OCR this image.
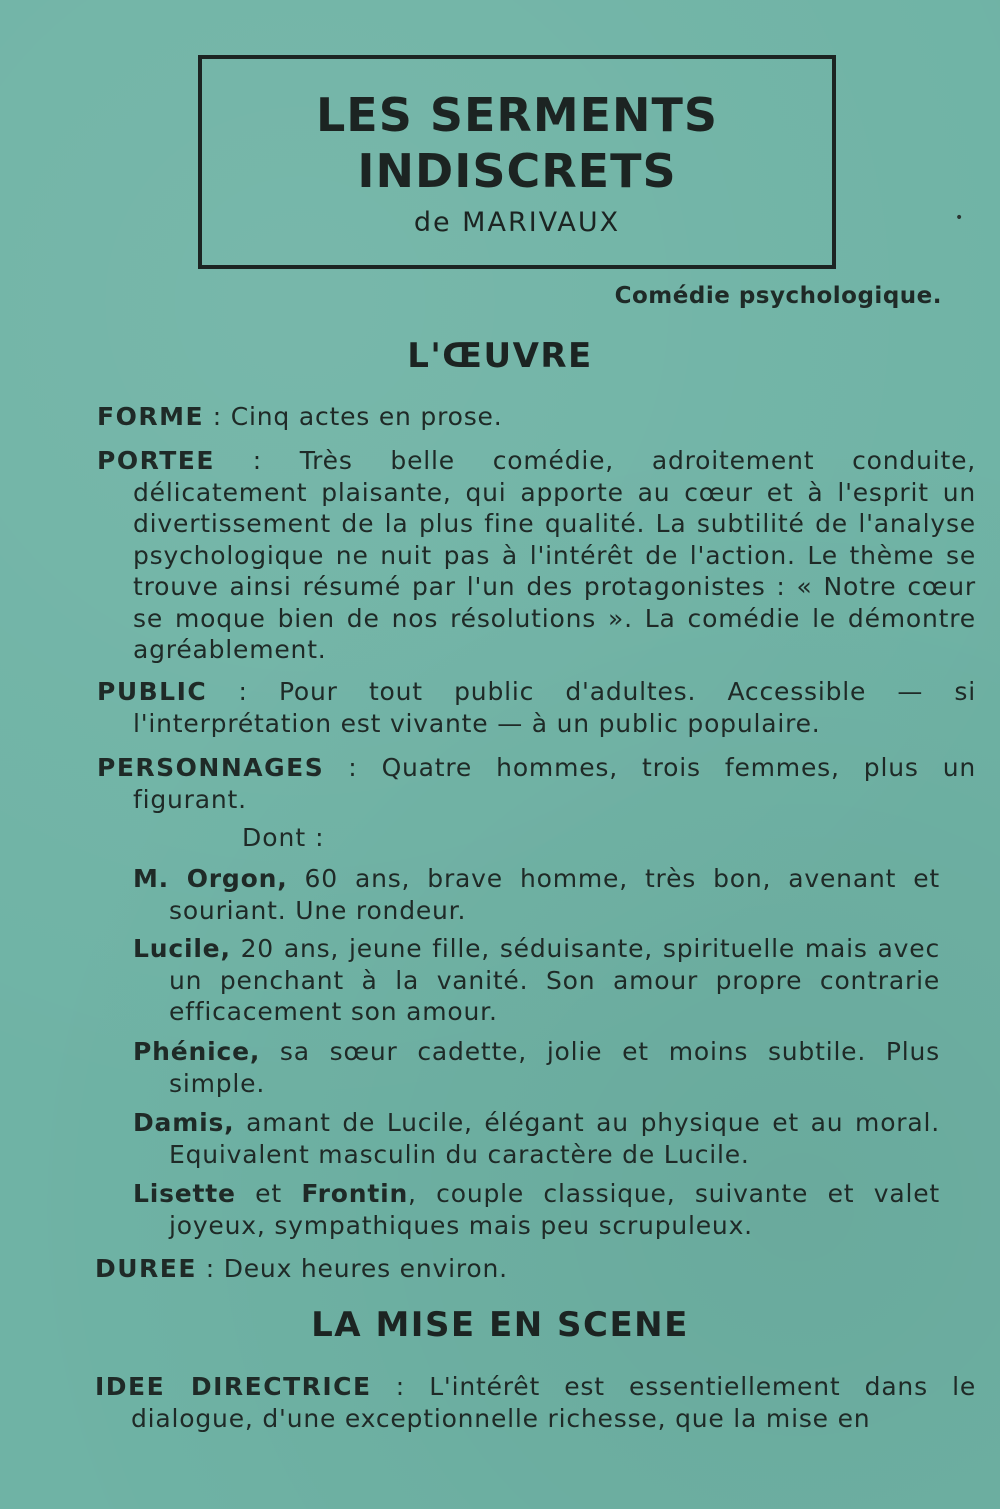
LES SERMENTS
INDISCRETS
de MARIVAUX
Comédie psychologique.
L'ŒUVRE
FORME : Cinq actes en prose.
PORTEE : Très belle comédie, adroitement conduite, délicatement plaisante, qui apporte au cœur et à l'esprit un divertissement de la plus fine qualité. La subtilité de l'analyse psychologique ne nuit pas à l'intérêt de l'action. Le thème se trouve ainsi résumé par l'un des protagonistes : « Notre cœur se moque bien de nos résolutions ». La comédie le démontre agréablement.
PUBLIC : Pour tout public d'adultes. Accessible — si l'interprétation est vivante — à un public populaire.
PERSONNAGES : Quatre hommes, trois femmes, plus un figurant.
Dont :
M. Orgon, 60 ans, brave homme, très bon, avenant et souriant. Une rondeur.
Lucile, 20 ans, jeune fille, séduisante, spirituelle mais avec un penchant à la vanité. Son amour propre contrarie efficacement son amour.
Phénice, sa sœur cadette, jolie et moins subtile. Plus simple.
Damis, amant de Lucile, élégant au physique et au moral. Equivalent masculin du caractère de Lucile.
Lisette et Frontin, couple classique, suivante et valet joyeux, sympathiques mais peu scrupuleux.
DUREE : Deux heures environ.
LA MISE EN SCENE
IDEE DIRECTRICE : L'intérêt est essentiellement dans le dialogue, d'une exceptionnelle richesse, que la mise en
•
